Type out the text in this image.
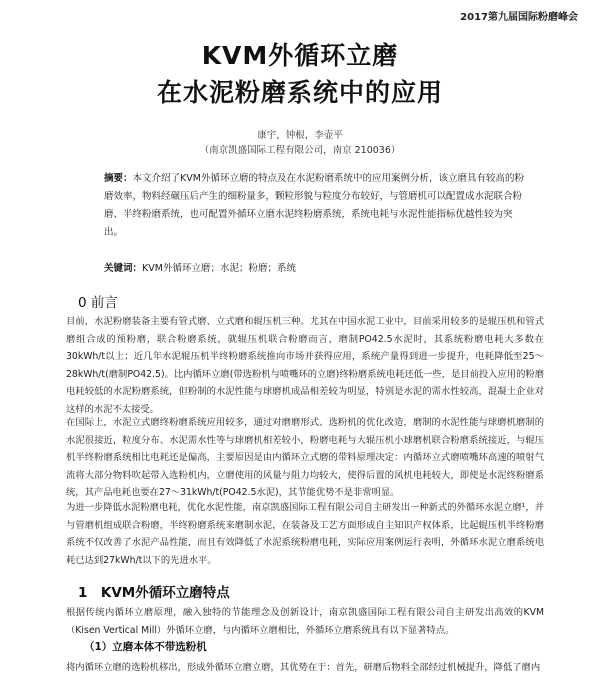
2017第九届国际粉磨峰会
KVM外循环立磨
在水泥粉磨系统中的应用
康宇，钟根，李壶平
（南京凯盛国际工程有限公司，南京 210036）
摘要：本文介绍了KVM外循环立磨的特点及在水泥粉磨系统中的应用案例分析，该立磨具有较高的粉磨效率，物料经碾压后产生的细粉量多，颗粒形貌与粒度分布较好，与管磨机可以配置成水泥联合粉磨、半终粉磨系统，也可配置外循环立磨水泥终粉磨系统，系统电耗与水泥性能指标优越性较为突出。
关键词：KVM外循环立磨；水泥；粉磨；系统
0 前言
目前，水泥粉磨装备主要有管式磨、立式磨和辊压机三种。尤其在中国水泥工业中，目前采用较多的是辊压机和管式磨组合成的预粉磨，联合粉磨系统，就辊压机联合粉磨而言，磨制PO42.5水泥时，其系统粉磨电耗大多数在30kWh/t以上；近几年水泥辊压机半终粉磨系统推向市场并获得应用，系统产量得到进一步提升，电耗降低至25～28kWh/t(磨制PO42.5)。比内循环立磨(带选粉机与喷嘴环的立磨)终粉磨系统电耗还低一些，是目前投入应用的粉磨电耗较低的水泥粉磨系统，但粉制的水泥性能与球磨机成品相差较为明显，特别是水泥的需水性较高，混凝土企业对这样的水泥不太接受。
在国际上，水泥立式磨终粉磨系统应用较多，通过对磨磨形式、选粉机的优化改造，磨制的水泥性能与球磨机磨制的水泥很接近，粒度分布、水泥需水性等与球磨机相差较小，粉磨电耗与大辊压机小球磨机联合粉磨系统接近，与辊压机半终粉磨系统相比电耗还是偏高，主要原因是由内循环立式磨的带料原理决定：内循环立式磨喷嘴环高速的喷射气流将大部分物料吹起带入选粉机内，立磨使用的风量与阻力均较大，使得后置的风机电耗较大，即使是水泥终粉磨系统，其产品电耗也要在27～31kWh/t(PO42.5水泥)，其节能优势不是非常明显。
为进一步降低水泥粉磨电耗，优化水泥性能，南京凯盛国际工程有限公司自主研发出一种新式的外循环水泥立磨¹，并与管磨机组成联合粉磨，半终粉磨系统来磨制水泥，在装备及工艺方面形成自主知识产权体系，比起辊压机半终粉磨系统不仅改善了水泥产品性能，而且有效降低了水泥系统粉磨电耗，实际应用案例运行表明，外循环水泥立磨系统电耗已达到27kWh/t以下的先进水平。
1　KVM外循环立磨特点
根据传统内循环立磨原理，融入独特的节能理念及创新设计，南京凯盛国际工程有限公司自主研发出高效的KVM（Kisen Vertical Mill）外循环立磨，与内循环立磨相比，外循环立磨系统具有以下显著特点。
（1）立磨本体不带选粉机
将内循环立磨的选粉机移出，形成外循环立磨立磨，其优势在于：首先，研磨后物料全部经过机械提升，降低了磨内
